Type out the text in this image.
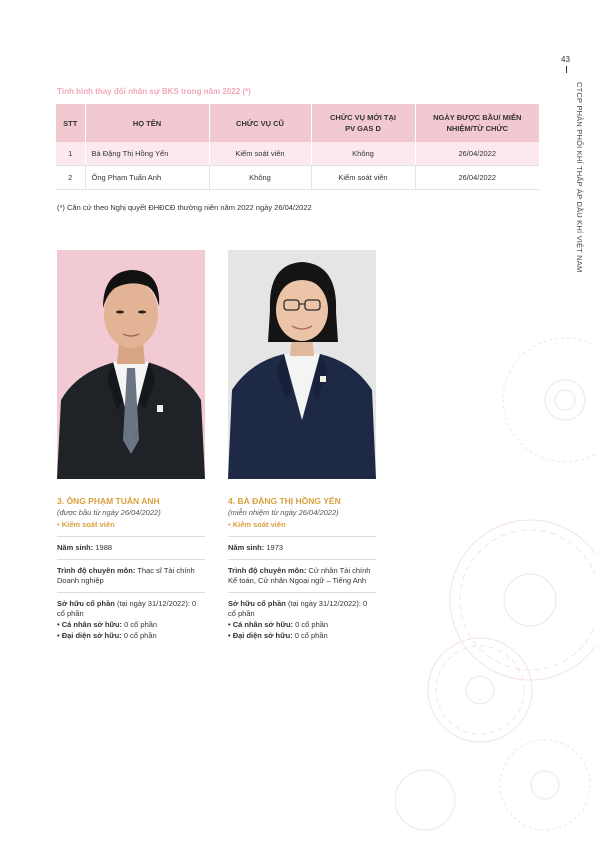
43
CTCP PHÂN PHỐI KHÍ THẤP ÁP DẦU KHÍ VIỆT NAM
Tình hình thay đổi nhân sự BKS trong năm 2022 (*)
STT	HỌ TÊN	CHỨC VỤ CŨ	CHỨC VỤ MỚI TẠI PV GAS D	NGÀY ĐƯỢC BẦU/ MIỄN NHIỆM/TỪ CHỨC
1	Bà Đặng Thị Hồng Yến	Kiểm soát viên	Không	26/04/2022
2	Ông Phạm Tuấn Anh	Không	Kiểm soát viên	26/04/2022
(*) Căn cứ theo Nghị quyết ĐHĐCĐ thường niên năm 2022 ngày 26/04/2022
3. ÔNG PHẠM TUẤN ANH
(được bầu từ ngày 26/04/2022)
• Kiểm soát viên
Năm sinh: 1988
Trình độ chuyên môn: Thạc sĩ Tài chính Doanh nghiệp
Sở hữu cổ phần (tại ngày 31/12/2022): 0 cổ phần
• Cá nhân sở hữu: 0 cổ phần
• Đại diện sở hữu: 0 cổ phần
4. BÀ ĐẶNG THỊ HỒNG YẾN
(miễn nhiệm từ ngày 26/04/2022)
• Kiểm soát viên
Năm sinh: 1973
Trình độ chuyên môn: Cử nhân Tài chính Kế toán, Cử nhân Ngoại ngữ – Tiếng Anh
Sở hữu cổ phần (tại ngày 31/12/2022): 0 cổ phần
• Cá nhân sở hữu: 0 cổ phần
• Đại diện sở hữu: 0 cổ phần
